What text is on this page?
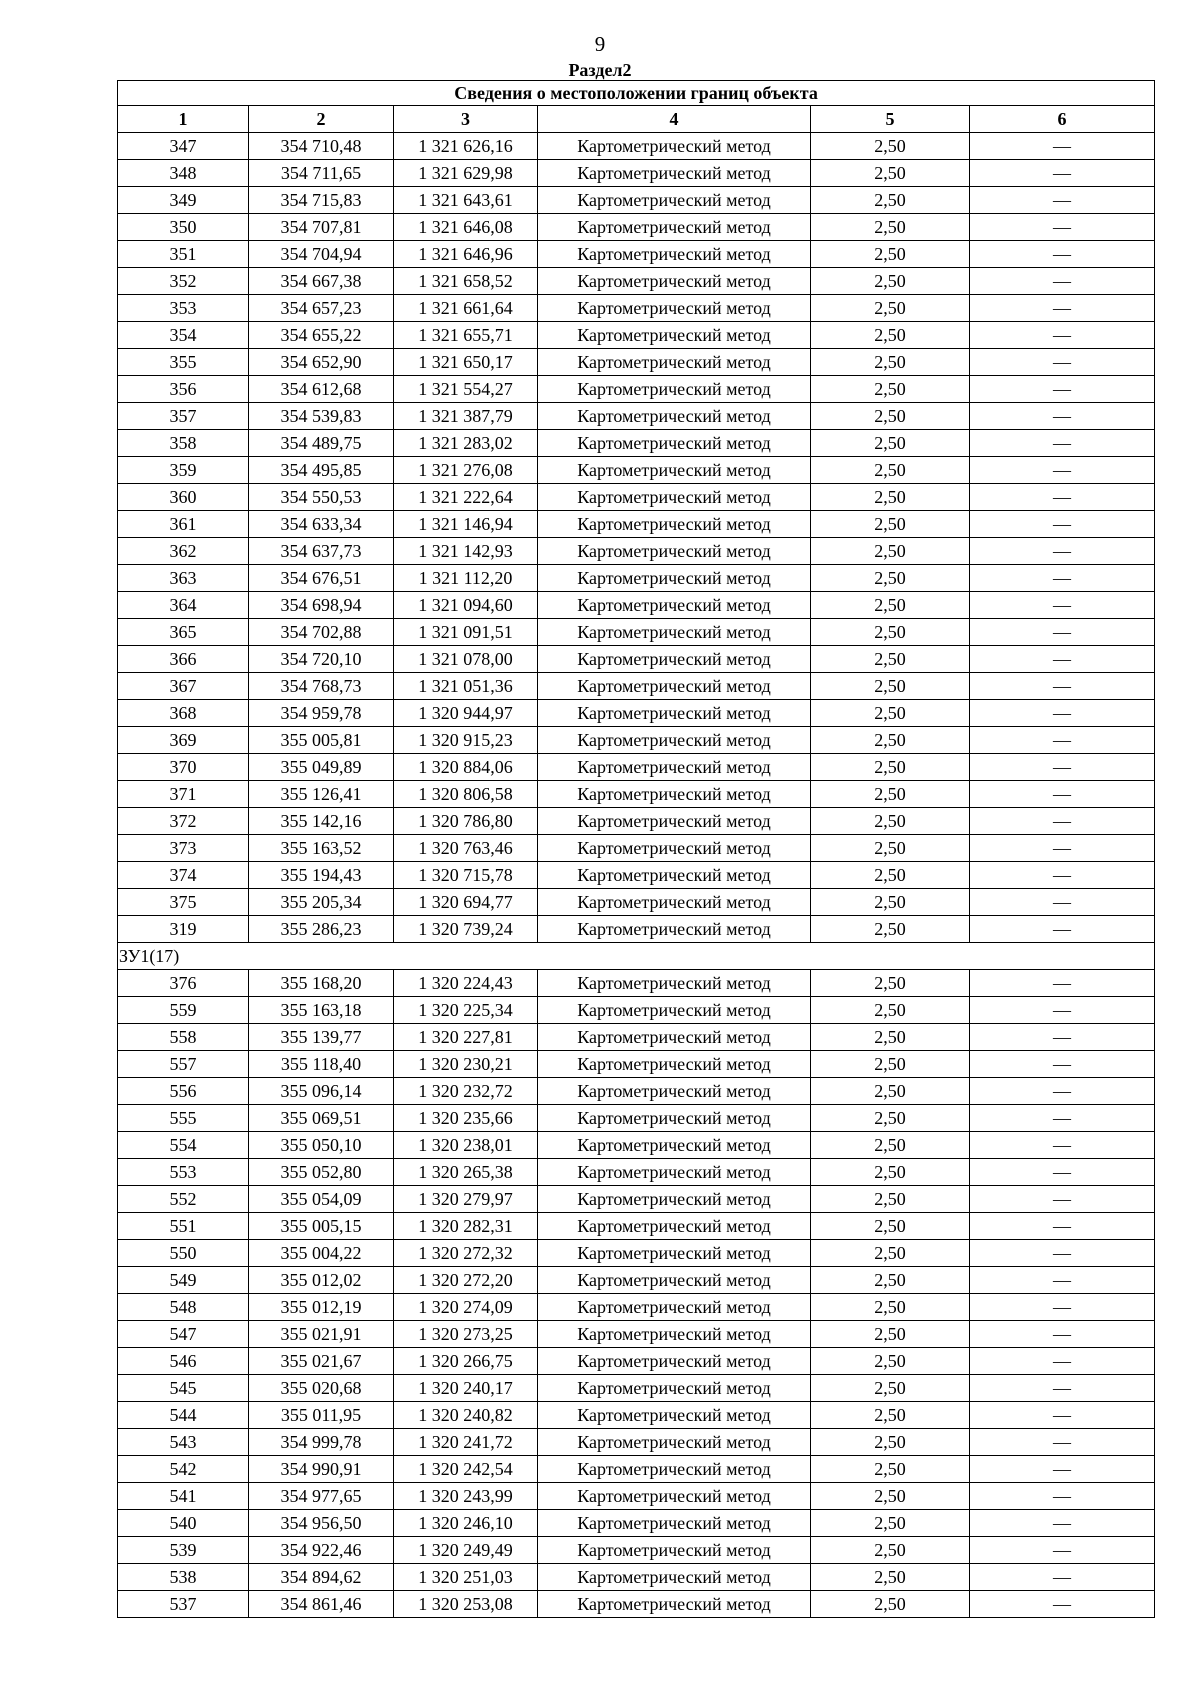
9
Раздел2
Сведения о местоположении границ объекта					
1	2	3	4	5	6
347	354 710,48	1 321 626,16	Картометрический метод	2,50	—
348	354 711,65	1 321 629,98	Картометрический метод	2,50	—
349	354 715,83	1 321 643,61	Картометрический метод	2,50	—
350	354 707,81	1 321 646,08	Картометрический метод	2,50	—
351	354 704,94	1 321 646,96	Картометрический метод	2,50	—
352	354 667,38	1 321 658,52	Картометрический метод	2,50	—
353	354 657,23	1 321 661,64	Картометрический метод	2,50	—
354	354 655,22	1 321 655,71	Картометрический метод	2,50	—
355	354 652,90	1 321 650,17	Картометрический метод	2,50	—
356	354 612,68	1 321 554,27	Картометрический метод	2,50	—
357	354 539,83	1 321 387,79	Картометрический метод	2,50	—
358	354 489,75	1 321 283,02	Картометрический метод	2,50	—
359	354 495,85	1 321 276,08	Картометрический метод	2,50	—
360	354 550,53	1 321 222,64	Картометрический метод	2,50	—
361	354 633,34	1 321 146,94	Картометрический метод	2,50	—
362	354 637,73	1 321 142,93	Картометрический метод	2,50	—
363	354 676,51	1 321 112,20	Картометрический метод	2,50	—
364	354 698,94	1 321 094,60	Картометрический метод	2,50	—
365	354 702,88	1 321 091,51	Картометрический метод	2,50	—
366	354 720,10	1 321 078,00	Картометрический метод	2,50	—
367	354 768,73	1 321 051,36	Картометрический метод	2,50	—
368	354 959,78	1 320 944,97	Картометрический метод	2,50	—
369	355 005,81	1 320 915,23	Картометрический метод	2,50	—
370	355 049,89	1 320 884,06	Картометрический метод	2,50	—
371	355 126,41	1 320 806,58	Картометрический метод	2,50	—
372	355 142,16	1 320 786,80	Картометрический метод	2,50	—
373	355 163,52	1 320 763,46	Картометрический метод	2,50	—
374	355 194,43	1 320 715,78	Картометрический метод	2,50	—
375	355 205,34	1 320 694,77	Картометрический метод	2,50	—
319	355 286,23	1 320 739,24	Картометрический метод	2,50	—
ЗУ1(17)					
376	355 168,20	1 320 224,43	Картометрический метод	2,50	—
559	355 163,18	1 320 225,34	Картометрический метод	2,50	—
558	355 139,77	1 320 227,81	Картометрический метод	2,50	—
557	355 118,40	1 320 230,21	Картометрический метод	2,50	—
556	355 096,14	1 320 232,72	Картометрический метод	2,50	—
555	355 069,51	1 320 235,66	Картометрический метод	2,50	—
554	355 050,10	1 320 238,01	Картометрический метод	2,50	—
553	355 052,80	1 320 265,38	Картометрический метод	2,50	—
552	355 054,09	1 320 279,97	Картометрический метод	2,50	—
551	355 005,15	1 320 282,31	Картометрический метод	2,50	—
550	355 004,22	1 320 272,32	Картометрический метод	2,50	—
549	355 012,02	1 320 272,20	Картометрический метод	2,50	—
548	355 012,19	1 320 274,09	Картометрический метод	2,50	—
547	355 021,91	1 320 273,25	Картометрический метод	2,50	—
546	355 021,67	1 320 266,75	Картометрический метод	2,50	—
545	355 020,68	1 320 240,17	Картометрический метод	2,50	—
544	355 011,95	1 320 240,82	Картометрический метод	2,50	—
543	354 999,78	1 320 241,72	Картометрический метод	2,50	—
542	354 990,91	1 320 242,54	Картометрический метод	2,50	—
541	354 977,65	1 320 243,99	Картометрический метод	2,50	—
540	354 956,50	1 320 246,10	Картометрический метод	2,50	—
539	354 922,46	1 320 249,49	Картометрический метод	2,50	—
538	354 894,62	1 320 251,03	Картометрический метод	2,50	—
537	354 861,46	1 320 253,08	Картометрический метод	2,50	—
